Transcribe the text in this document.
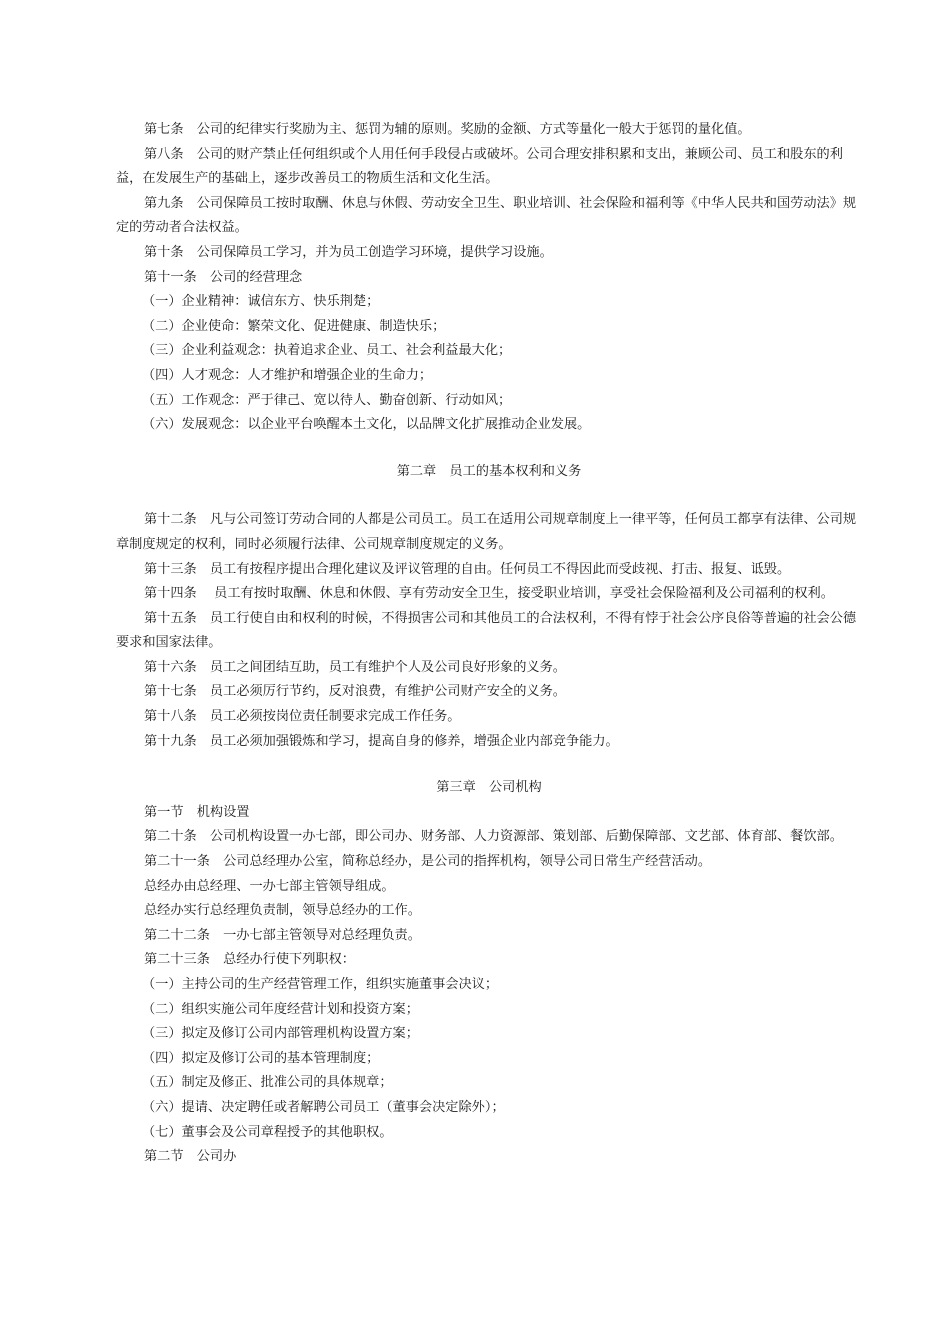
第七条　公司的纪律实行奖励为主、惩罚为辅的原则。奖励的金额、方式等量化一般大于惩罚的量化值。

第八条　公司的财产禁止任何组织或个人用任何手段侵占或破坏。公司合理安排积累和支出，兼顾公司、员工和股东的利益，在发展生产的基础上，逐步改善员工的物质生活和文化生活。

第九条　公司保障员工按时取酬、休息与休假、劳动安全卫生、职业培训、社会保险和福利等《中华人民共和国劳动法》规定的劳动者合法权益。

第十条　公司保障员工学习，并为员工创造学习环境，提供学习设施。

第十一条　公司的经营理念

（一）企业精神：诚信东方、快乐荆楚；

（二）企业使命：繁荣文化、促进健康、制造快乐；

（三）企业利益观念：执着追求企业、员工、社会利益最大化；

（四）人才观念：人才维护和增强企业的生命力；

（五）工作观念：严于律己、宽以待人、勤奋创新、行动如风；

（六）发展观念：以企业平台唤醒本土文化，以品牌文化扩展推动企业发展。

第二章　员工的基本权利和义务

第十二条　凡与公司签订劳动合同的人都是公司员工。员工在适用公司规章制度上一律平等，任何员工都享有法律、公司规章制度规定的权利，同时必须履行法律、公司规章制度规定的义务。

第十三条　员工有按程序提出合理化建议及评议管理的自由。任何员工不得因此而受歧视、打击、报复、诋毁。

第十四条　 员工有按时取酬、休息和休假、享有劳动安全卫生，接受职业培训，享受社会保险福利及公司福利的权利。

第十五条　员工行使自由和权利的时候，不得损害公司和其他员工的合法权利，不得有悖于社会公序良俗等普遍的社会公德要求和国家法律。

第十六条　员工之间团结互助，员工有维护个人及公司良好形象的义务。

第十七条　员工必须厉行节约，反对浪费，有维护公司财产安全的义务。

第十八条　员工必须按岗位责任制要求完成工作任务。

第十九条　员工必须加强锻炼和学习，提高自身的修养，增强企业内部竞争能力。

第三章　公司机构

第一节　机构设置

第二十条　公司机构设置一办七部，即公司办、财务部、人力资源部、策划部、后勤保障部、文艺部、体育部、餐饮部。

第二十一条　公司总经理办公室，简称总经办，是公司的指挥机构，领导公司日常生产经营活动。

总经办由总经理、一办七部主管领导组成。

总经办实行总经理负责制，领导总经办的工作。

第二十二条　一办七部主管领导对总经理负责。

第二十三条　总经办行使下列职权：

（一）主持公司的生产经营管理工作，组织实施董事会决议；

（二）组织实施公司年度经营计划和投资方案；

（三）拟定及修订公司内部管理机构设置方案；

（四）拟定及修订公司的基本管理制度；

（五）制定及修正、批准公司的具体规章；

（六）提请、决定聘任或者解聘公司员工（董事会决定除外）；

（七）董事会及公司章程授予的其他职权。

第二节　公司办
